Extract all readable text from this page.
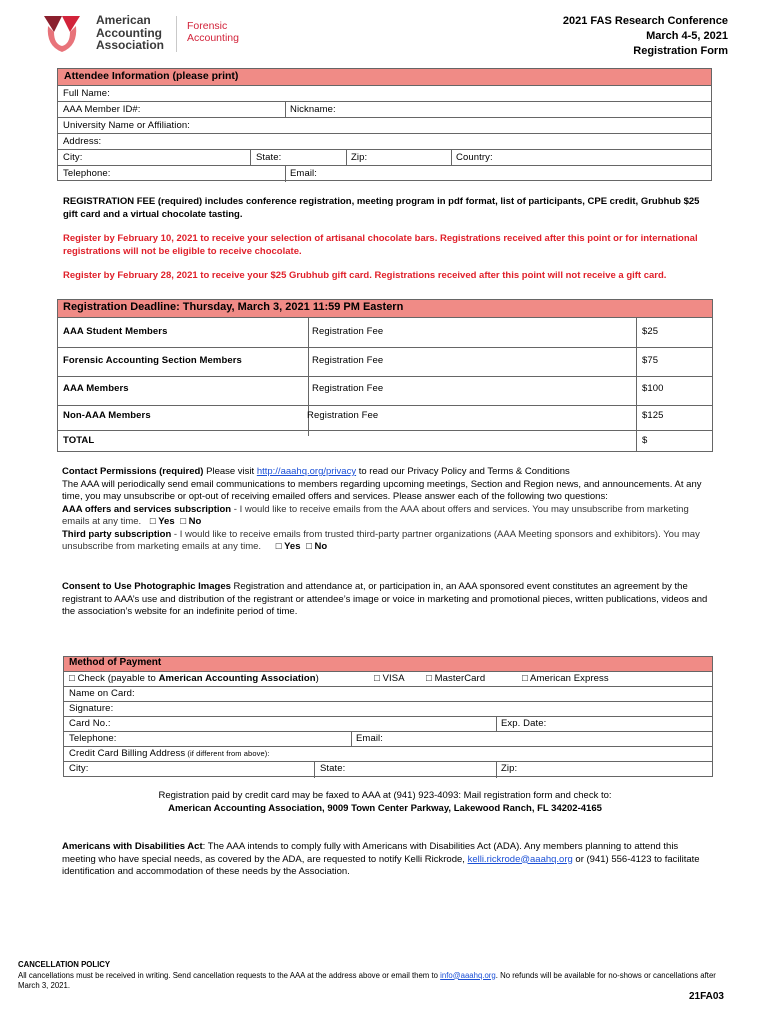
American
Accounting
Association
Forensic
Accounting
2021 FAS Research Conference
March 4-5, 2021
Registration Form
Attendee Information (please print)
Full Name:
AAA Member ID#:	Nickname:
University Name or Affiliation:
Address:
City:	State:	Zip:	Country:
Telephone:	Email:
REGISTRATION FEE (required) includes conference registration, meeting program in pdf format, list of participants, CPE credit, Grubhub $25 gift card and a virtual chocolate tasting.
Register by February 10, 2021 to receive your selection of artisanal chocolate bars. Registrations received after this point or for international registrations will not be eligible to receive chocolate.
Register by February 28, 2021 to receive your $25 Grubhub gift card. Registrations received after this point will not receive a gift card.
Registration Deadline: Thursday, March 3, 2021 11:59 PM Eastern
AAA Student Members	Registration Fee	$25
Forensic Accounting Section Members	Registration Fee	$75
AAA Members	Registration Fee	$100
Non-AAA Members	Registration Fee	$125
TOTAL	$
Contact Permissions (required) Please visit http://aaahq.org/privacy to read our Privacy Policy and Terms & Conditions
The AAA will periodically send email communications to members regarding upcoming meetings, Section and Region news, and announcements. At any time, you may unsubscribe or opt-out of receiving emailed offers and services. Please answer each of the following two questions:
AAA offers and services subscription - I would like to receive emails from the AAA about offers and services. You may unsubscribe from marketing emails at any time. □ Yes □ No
Third party subscription - I would like to receive emails from trusted third-party partner organizations (AAA Meeting sponsors and exhibitors). You may unsubscribe from marketing emails at any time. □ Yes □ No
Consent to Use Photographic Images Registration and attendance at, or participation in, an AAA sponsored event constitutes an agreement by the registrant to AAA’s use and distribution of the registrant or attendee’s image or voice in marketing and promotional pieces, written publications, videos and the association’s website for an indefinite period of time.
Method of Payment
□ Check (payable to American Accounting Association)	□ VISA □ MasterCard	□ American Express
Name on Card:
Signature:
Card No.:	Exp. Date:
Telephone:	Email:
Credit Card Billing Address (if different from above):
City:	State:	Zip:
Registration paid by credit card may be faxed to AAA at (941) 923-4093: Mail registration form and check to:
American Accounting Association, 9009 Town Center Parkway, Lakewood Ranch, FL 34202-4165
Americans with Disabilities Act: The AAA intends to comply fully with Americans with Disabilities Act (ADA). Any members planning to attend this meeting who have special needs, as covered by the ADA, are requested to notify Kelli Rickrode, kelli.rickrode@aaahq.org or (941) 556-4123 to facilitate identification and accommodation of these needs by the Association.
CANCELLATION POLICY
All cancellations must be received in writing. Send cancellation requests to the AAA at the address above or email them to info@aaahq.org. No refunds will be available for no-shows or cancellations after March 3, 2021.
21FA03
